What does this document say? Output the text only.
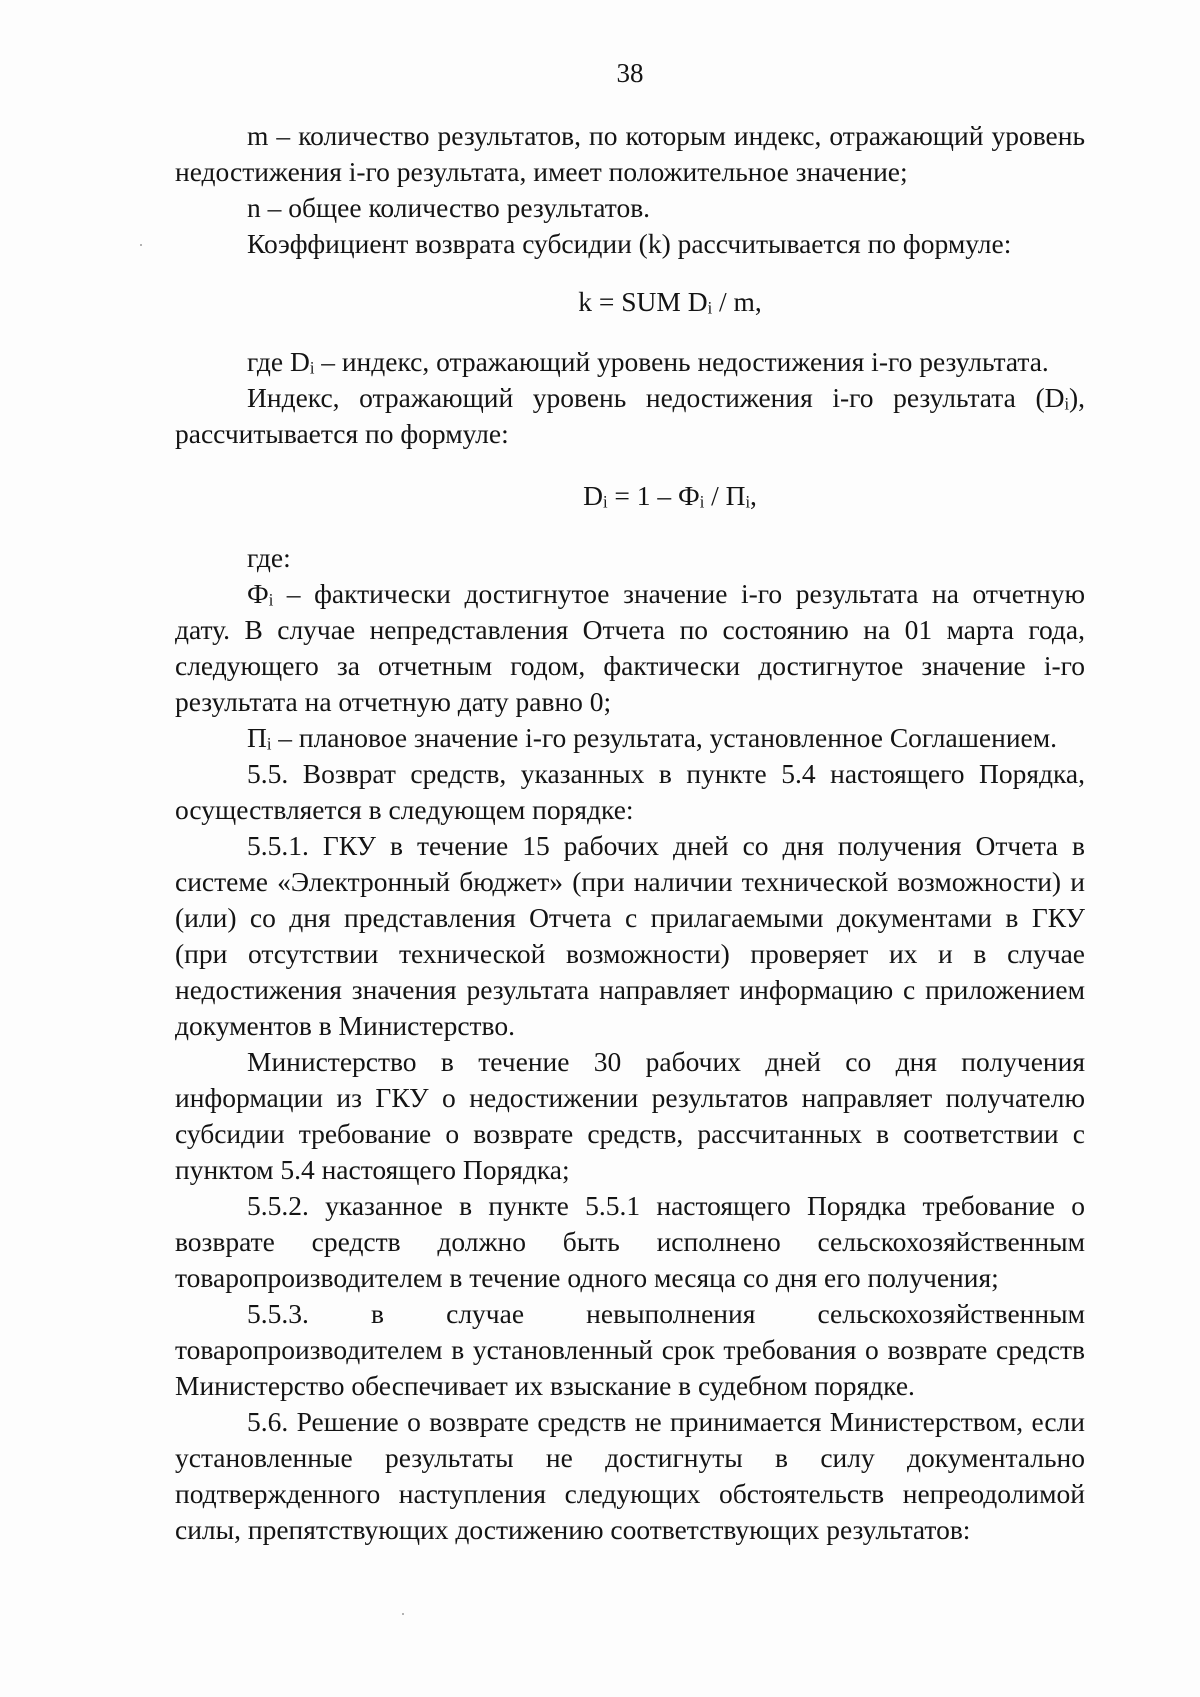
38

m – количество результатов, по которым индекс, отражающий уровень недостижения i-го результата, имеет положительное значение;

n – общее количество результатов.

Коэффициент возврата субсидии (k) рассчитывается по формуле:

k = SUM Dᵢ / m,

где Dᵢ – индекс, отражающий уровень недостижения i-го результата.

Индекс, отражающий уровень недостижения i-го результата (Dᵢ), рассчитывается по формуле:

Dᵢ = 1 – Фᵢ / Пᵢ,

где:

Фᵢ – фактически достигнутое значение i-го результата на отчетную дату. В случае непредставления Отчета по состоянию на 01 марта года, следующего за отчетным годом, фактически достигнутое значение i-го результата на отчетную дату равно 0;

Пᵢ – плановое значение i-го результата, установленное Соглашением.

5.5. Возврат средств, указанных в пункте 5.4 настоящего Порядка, осуществляется в следующем порядке:

5.5.1. ГКУ в течение 15 рабочих дней со дня получения Отчета в системе «Электронный бюджет» (при наличии технической возможности) и (или) со дня представления Отчета с прилагаемыми документами в ГКУ (при отсутствии технической возможности) проверяет их и в случае недостижения значения результата направляет информацию с приложением документов в Министерство.

Министерство в течение 30 рабочих дней со дня получения информации из ГКУ о недостижении результатов направляет получателю субсидии требование о возврате средств, рассчитанных в соответствии с пунктом 5.4 настоящего Порядка;

5.5.2. указанное в пункте 5.5.1 настоящего Порядка требование о возврате средств должно быть исполнено сельскохозяйственным товаропроизводителем в течение одного месяца со дня его получения;

5.5.3. в случае невыполнения сельскохозяйственным товаропроизводителем в установленный срок требования о возврате средств Министерство обеспечивает их взыскание в судебном порядке.

5.6. Решение о возврате средств не принимается Министерством, если установленные результаты не достигнуты в силу документально подтвержденного наступления следующих обстоятельств непреодолимой силы, препятствующих достижению соответствующих результатов:
